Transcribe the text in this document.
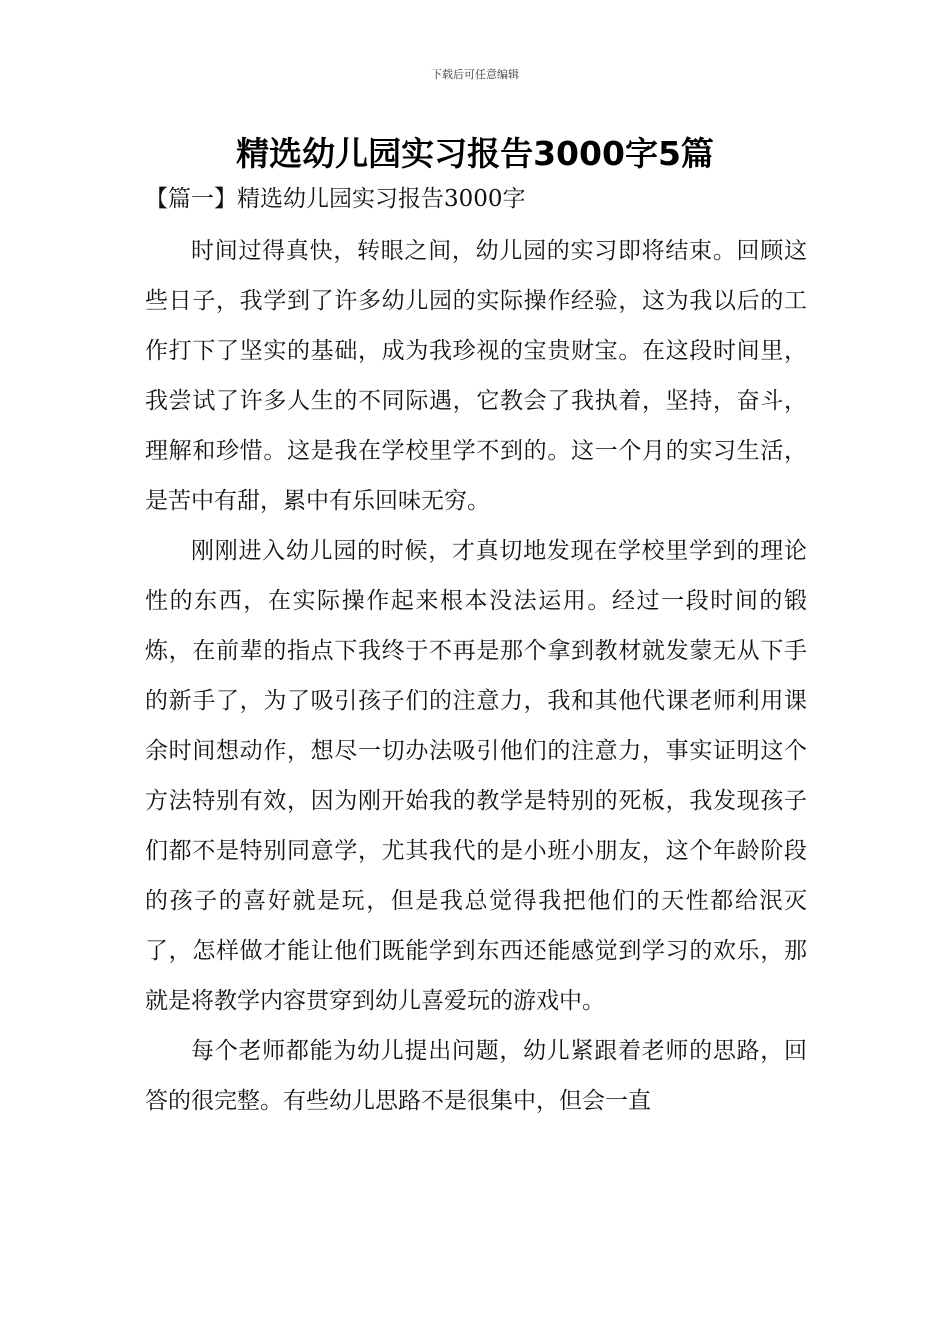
下载后可任意编辑
精选幼儿园实习报告3000字5篇
【篇一】精选幼儿园实习报告3000字

时间过得真快，转眼之间，幼儿园的实习即将结束。回顾这些日子，我学到了许多幼儿园的实际操作经验，这为我以后的工作打下了坚实的基础，成为我珍视的宝贵财宝。在这段时间里，我尝试了许多人生的不同际遇，它教会了我执着，坚持，奋斗，理解和珍惜。这是我在学校里学不到的。这一个月的实习生活，是苦中有甜，累中有乐回味无穷。

刚刚进入幼儿园的时候，才真切地发现在学校里学到的理论性的东西，在实际操作起来根本没法运用。经过一段时间的锻炼，在前辈的指点下我终于不再是那个拿到教材就发蒙无从下手的新手了，为了吸引孩子们的注意力，我和其他代课老师利用课余时间想动作，想尽一切办法吸引他们的注意力，事实证明这个方法特别有效，因为刚开始我的教学是特别的死板，我发现孩子们都不是特别同意学，尤其我代的是小班小朋友，这个年龄阶段的孩子的喜好就是玩，但是我总觉得我把他们的天性都给泯灭了，怎样做才能让他们既能学到东西还能感觉到学习的欢乐，那就是将教学内容贯穿到幼儿喜爱玩的游戏中。

每个老师都能为幼儿提出问题，幼儿紧跟着老师的思路，回答的很完整。有些幼儿思路不是很集中，但会一直
